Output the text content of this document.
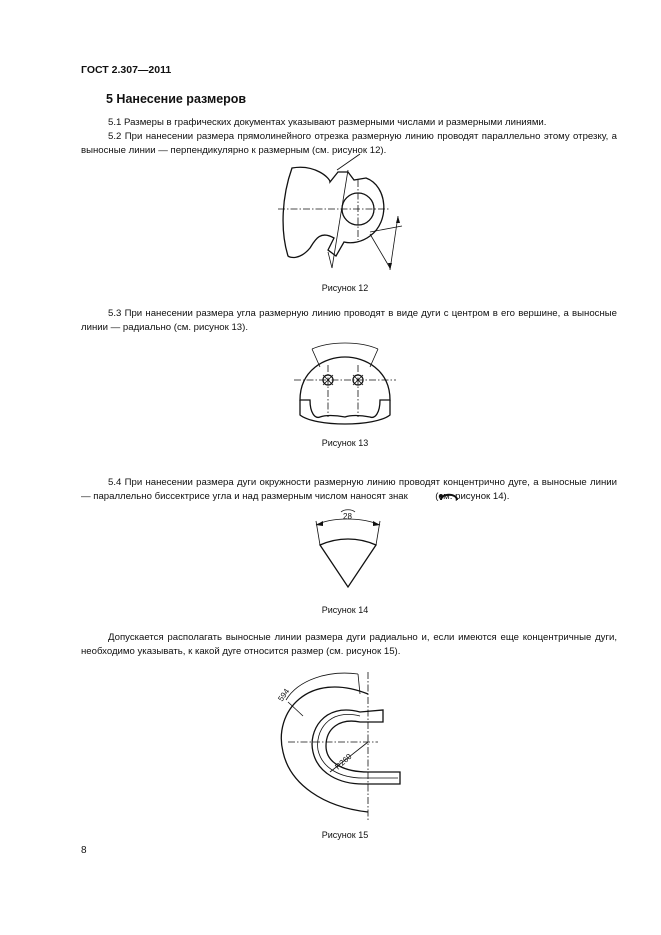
ГОСТ 2.307—2011
5 Нанесение размеров
5.1 Размеры в графических документах указывают размерными числами и размерными линиями.
5.2 При нанесении размера прямолинейного отрезка размерную линию проводят параллельно этому отрезку, а выносные линии — перпендикулярно к размерным (см. рисунок 12).
Рисунок 12
5.3 При нанесении размера угла размерную линию проводят в виде дуги с центром в его вершине, а выносные линии — радиально (см. рисунок 13).
Рисунок 13
5.4 При нанесении размера дуги окружности размерную линию проводят концентрично дуге, а выносные линии — параллельно биссектрисе угла и над размерным числом наносят знак	(см. рисунок 14).
28
Рисунок 14
Допускается располагать выносные линии размера дуги радиально и, если имеются еще концентричные дуги, необходимо указывать, к какой дуге относится размер (см. рисунок 15).
594
R260
Рисунок 15
8
